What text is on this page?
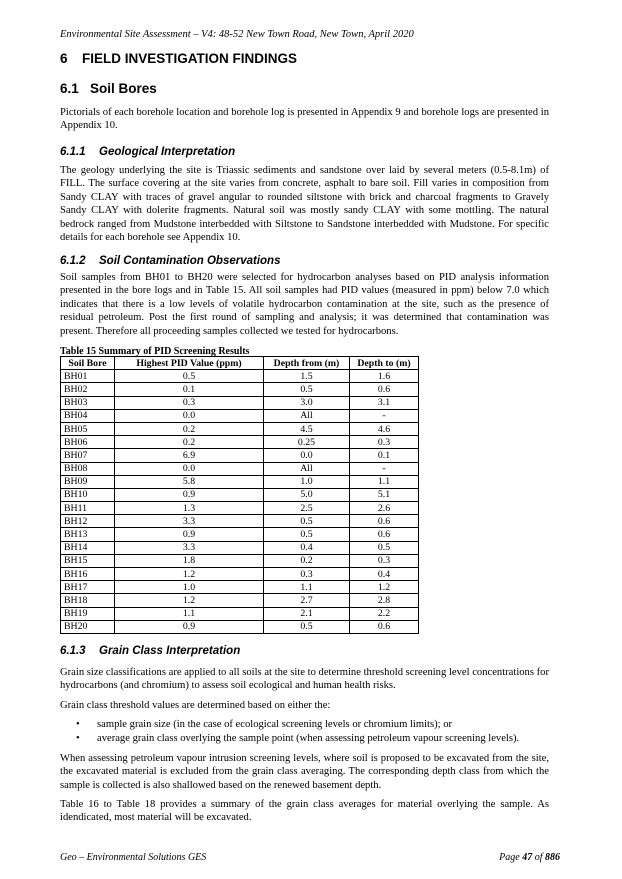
Environmental Site Assessment – V4: 48-52 New Town Road, New Town, April 2020
6 FIELD INVESTIGATION FINDINGS
6.1 Soil Bores
Pictorials of each borehole location and borehole log is presented in Appendix 9 and borehole logs are presented in Appendix 10.
6.1.1 Geological Interpretation
The geology underlying the site is Triassic sediments and sandstone over laid by several meters (0.5-8.1m) of FILL. The surface covering at the site varies from concrete, asphalt to bare soil. Fill varies in composition from Sandy CLAY with traces of gravel angular to rounded siltstone with brick and charcoal fragments to Gravely Sandy CLAY with dolerite fragments. Natural soil was mostly sandy CLAY with some mottling. The natural bedrock ranged from Mudstone interbedded with Siltstone to Sandstone interbedded with Mudstone. For specific details for each borehole see Appendix 10.
6.1.2 Soil Contamination Observations
Soil samples from BH01 to BH20 were selected for hydrocarbon analyses based on PID analysis information presented in the bore logs and in Table 15. All soil samples had PID values (measured in ppm) below 7.0 which indicates that there is a low levels of volatile hydrocarbon contamination at the site, such as the presence of residual petroleum. Post the first round of sampling and analysis; it was determined that contamination was present. Therefore all proceeding samples collected we tested for hydrocarbons.
Table 15 Summary of PID Screening Results
Soil Bore	Highest PID Value (ppm)	Depth from (m)	Depth to (m)
BH01	0.5	1.5	1.6
BH02	0.1	0.5	0.6
BH03	0.3	3.0	3.1
BH04	0.0	All	-
BH05	0.2	4.5	4.6
BH06	0.2	0.25	0.3
BH07	6.9	0.0	0.1
BH08	0.0	All	-
BH09	5.8	1.0	1.1
BH10	0.9	5.0	5.1
BH11	1.3	2.5	2.6
BH12	3.3	0.5	0.6
BH13	0.9	0.5	0.6
BH14	3.3	0.4	0.5
BH15	1.8	0.2	0.3
BH16	1.2	0.3	0.4
BH17	1.0	1.1	1.2
BH18	1.2	2.7	2.8
BH19	1.1	2.1	2.2
BH20	0.9	0.5	0.6
6.1.3 Grain Class Interpretation
Grain size classifications are applied to all soils at the site to determine threshold screening level concentrations for hydrocarbons (and chromium) to assess soil ecological and human health risks.
Grain class threshold values are determined based on either the:
• sample grain size (in the case of ecological screening levels or chromium limits); or
• average grain class overlying the sample point (when assessing petroleum vapour screening levels).
When assessing petroleum vapour intrusion screening levels, where soil is proposed to be excavated from the site, the excavated material is excluded from the grain class averaging. The corresponding depth class from which the sample is collected is also shallowed based on the renewed basement depth.
Table 16 to Table 18 provides a summary of the grain class averages for material overlying the sample. As idendicated, most material will be excavated.
Geo – Environmental Solutions GES	Page 47 of 886
